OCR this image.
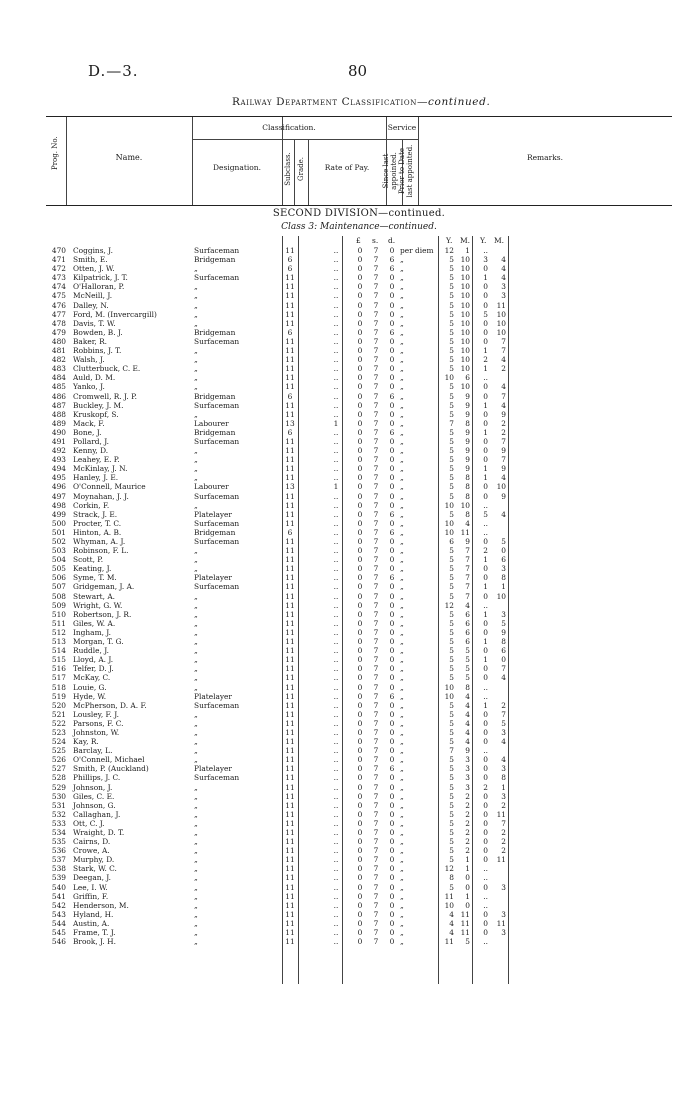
D.—3.	80
Railway Department Classification—continued.
Prog. No.	Name.
Classification.
Designation.	Subclass. Grade.	Rate of Pay.
Service
Since last appointed. Prior to Date last appointed.	Remarks.
SECOND DIVISION—continued.
Class 3: Maintenance—continued.
£ s. d.	Y. M. Y. M.
470 Coggins, J.	Surfaceman	11	..	0 7 0 per diem	12	1	..
471 Smith, E.	Bridgeman	6	..	0 7 6 „	5 10	3	4
472 Otten, J. W.	„	6	..	0 7 6 „	5 10	0	4
473 Kilpatrick, J. T.	Surfaceman	11	..	0 7 0 „	5 10	1	4
474 O'Halloran, P.	„	11	..	0 7 0 „	5 10	0	3
475 McNeill, J.	„	11	..	0 7 0 „	5 10	0	3
476 Dalley, N.	„	11	..	0 7 0 „	5 10	0	11
477 Ford, M. (Invercargill)	„	11	..	0 7 0 „	5 10	5	10
478 Davis, T. W.	„	11	..	0 7 0 „	5 10	0	10
479 Bowden, B. J.	Bridgeman	6	..	0 7 6 „	5 10	0	10
480 Baker, R.	Surfaceman	11	..	0 7 0 „	5 10	0	7
481 Robbins, J. T.	„	11	..	0 7 0 „	5 10	1	7
482 Walsh, J.	„	11	..	0 7 0 „	5 10	2	4
483 Clutterbuck, C. E.	„	11	..	0 7 0 „	5 10	1	2
484 Auld, D. M.	„	11	..	0 7 0 „	10	6	..
485 Yanko, J.	„	11	..	0 7 0 „	5 10	0	4
486 Cromwell, R. J. P.	Bridgeman	6	..	0 7 6 „	5	9	0	7
487 Buckley, J. M.	Surfaceman	11	..	0 7 0 „	5	9	1	4
488 Kruskopf, S.	„	11	..	0 7 0 „	5	9	0	9
489 Mack, F.	Labourer	13	1	0 7 0 „	7	8	0	2
490 Bone, J.	Bridgeman	6	..	0 7 6 „	5	9	1	2
491 Pollard, J.	Surfaceman	11	..	0 7 0 „	5	9	0	7
492 Kenny, D.	„	11	..	0 7 0 „	5	9	0	9
493 Leahey, E. P.	„	11	..	0 7 0 „	5	9	0	7
494 McKinlay, J. N.	„	11	..	0 7 0 „	5	9	1	9
495 Hanley, J. E.	„	11	..	0 7 0 „	5	8	1	4
496 O'Connell, Maurice	Labourer	13	1	0 7 0 „	5	8	0	10
497 Moynahan, J. J.	Surfaceman	11	..	0 7 0 „	5	8	0	9
498 Corkin, F.	„	11	..	0 7 0 „	10 10	..
499 Strack, J. E.	Platelayer	11	..	0 7 6 „	5	8	5	4
500 Procter, T. C.	Surfaceman	11	..	0 7 0 „	10	4	..
501 Hinton, A. B.	Bridgeman	6	..	0 7 6 „	10 11	..
502 Whyman, A. J.	Surfaceman	11	..	0 7 0 „	6	9	0	5
503 Robinson, F. L.	„	11	..	0 7 0 „	5	7	2	0
504 Scott, P.	„	11	..	0 7 0 „	5	7	1	6
505 Keating, J.	„	11	..	0 7 0 „	5	7	0	3
506 Syme, T. M.	Platelayer	11	..	0 7 6 „	5	7	0	8
507 Gridgeman, J. A.	Surfaceman	11	..	0 7 0 „	5	7	1	1
508 Stewart, A.	„	11	..	0 7 0 „	5	7	0	10
509 Wright, G. W.	„	11	..	0 7 0 „	12	4	..
510 Robertson, J. R.	„	11	..	0 7 0 „	5	6	1	3
511 Giles, W. A.	„	11	..	0 7 0 „	5	6	0	5
512 Ingham, J.	„	11	..	0 7 0 „	5	6	0	9
513 Morgan, T. G.	„	11	..	0 7 0 „	5	6	1	8
514 Ruddle, J.	„	11	..	0 7 0 „	5	5	0	6
515 Lloyd, A. J.	„	11	..	0 7 0 „	5	5	1	0
516 Telfer, D. J.	„	11	..	0 7 0 „	5	5	0	7
517 McKay, C.	„	11	..	0 7 0 „	5	5	0	4
518 Louie, G.	„	11	..	0 7 0 „	10	8	..
519 Hyde, W.	Platelayer	11	..	0 7 6 „	10	4	..
520 McPherson, D. A. F.	Surfaceman	11	..	0 7 0 „	5	4	1	2
521 Lousley, F. J.	„	11	..	0 7 0 „	5	4	0	7
522 Parsons, F. C.	„	11	..	0 7 0 „	5	4	0	5
523 Johnston, W.	„	11	..	0 7 0 „	5	4	0	3
524 Kay, R.	„	11	..	0 7 0 „	5	4	0	4
525 Barclay, L.	„	11	..	0 7 0 „	7	9	..
526 O'Connell, Michael	„	11	..	0 7 0 „	5	3	0	4
527 Smith, P. (Auckland)	Platelayer	11	..	0 7 6 „	5	3	0	3
528 Phillips, J. C.	Surfaceman	11	..	0 7 0 „	5	3	0	8
529 Johnson, J.	„	11	..	0 7 0 „	5	3	2	1
530 Giles, C. E.	„	11	..	0 7 0 „	5	2	0	3
531 Johnson, G.	„	11	..	0 7 0 „	5	2	0	2
532 Callaghan, J.	„	11	..	0 7 0 „	5	2	0	11
533 Ott, C. J.	„	11	..	0 7 0 „	5	2	0	7
534 Wraight, D. T.	„	11	..	0 7 0 „	5	2	0	2
535 Cairns, D.	„	11	..	0 7 0 „	5	2	0	2
536 Crowe, A.	„	11	..	0 7 0 „	5	2	0	2
537 Murphy, D.	„	11	..	0 7 0 „	5	1	0	11
538 Stark, W. C.	„	11	..	0 7 0 „	12	1	..
539 Deegan, J.	„	11	..	0 7 0 „	8	0	..
540 Lee, I. W.	„	11	..	0 7 0 „	5	0	0	3
541 Griffin, F.	„	11	..	0 7 0 „	11	1	..
542 Henderson, M.	„	11	..	0 7 0 „	10	0	..
543 Hyland, H.	„	11	..	0 7 0 „	4 11	0	3
544 Austin, A.	„	11	..	0 7 0 „	4 11	0	11
545 Frame, T. J.	„	11	..	0 7 0 „	4 11	0	3
546 Brook, J. H.	„	11	..	0 7 0 „	11	5	..
